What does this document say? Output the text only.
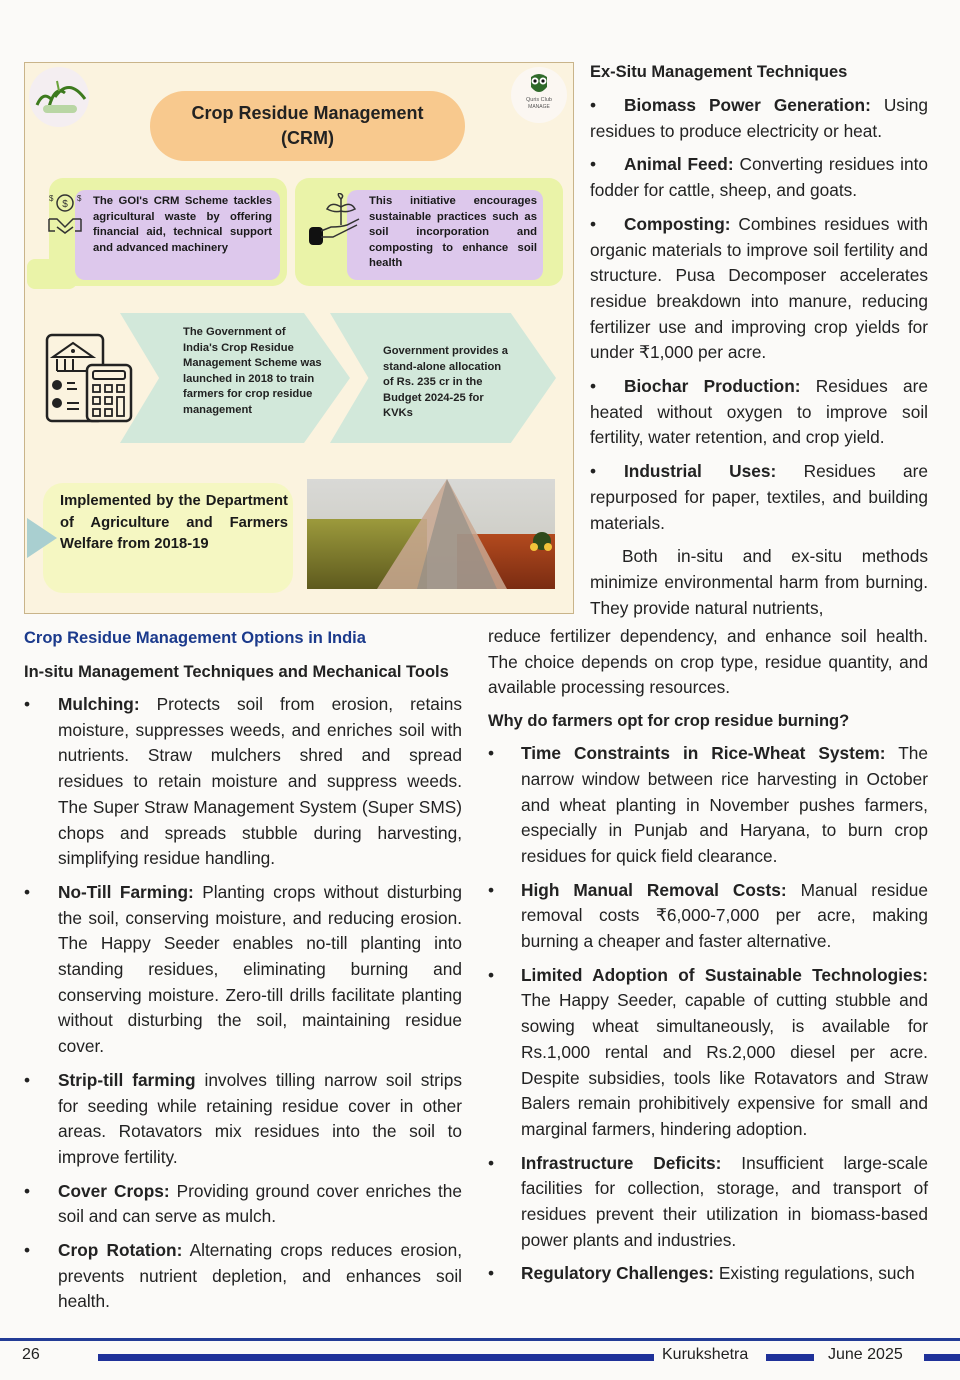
Quris Club
MANAGE
Crop Residue Management (CRM)
The GOI's CRM Scheme tackles agricultural waste by offering financial aid, technical support and advanced machinery
$
$	$	This initiative encourages sustainable practices such as soil incorporation and composting to enhance soil health
The Government of India's Crop Residue Management Scheme was launched in 2018 to train farmers for crop residue management
Government provides a stand-alone allocation of Rs. 235 cr in the Budget 2024-25 for KVKs
Implemented by the Department of Agriculture and Farmers Welfare from 2018-19
Crop Residue Management Options in India
In-situ Management Techniques and Mechanical Tools
• Mulching: Protects soil from erosion, retains moisture, suppresses weeds, and enriches soil with nutrients. Straw mulchers shred and spread residues to retain moisture and suppress weeds. The Super Straw Management System (Super SMS) chops and spreads stubble during harvesting, simplifying residue handling.
• No-Till Farming: Planting crops without disturbing the soil, conserving moisture, and reducing erosion. The Happy Seeder enables no-till planting into standing residues, eliminating burning and conserving moisture. Zero-till drills facilitate planting without disturbing the soil, maintaining residue cover.
• Strip-till farming involves tilling narrow soil strips for seeding while retaining residue cover in other areas. Rotavators mix residues into the soil to improve fertility.
• Cover Crops: Providing ground cover enriches the soil and can serve as mulch.
• Crop Rotation: Alternating crops reduces erosion, prevents nutrient depletion, and enhances soil health.
Ex-Situ Management Techniques
• Biomass Power Generation: Using residues to produce electricity or heat.
• Animal Feed: Converting residues into fodder for cattle, sheep, and goats.
• Composting: Combines residues with organic materials to improve soil fertility and structure. Pusa Decomposer accelerates residue breakdown into manure, reducing fertilizer use and improving crop yields for under ₹1,000 per acre.
• Biochar Production: Residues are heated without oxygen to improve soil fertility, water retention, and crop yield.
• Industrial Uses: Residues are repurposed for paper, textiles, and building materials.
Both in-situ and ex-situ methods minimize environmental harm from burning. They provide natural nutrients,
reduce fertilizer dependency, and enhance soil health. The choice depends on crop type, residue quantity, and available processing resources.
Why do farmers opt for crop residue burning?
• Time Constraints in Rice-Wheat System: The narrow window between rice harvesting in October and wheat planting in November pushes farmers, especially in Punjab and Haryana, to burn crop residues for quick field clearance.
• High Manual Removal Costs: Manual residue removal costs ₹6,000-7,000 per acre, making burning a cheaper and faster alternative.
• Limited Adoption of Sustainable Technologies: The Happy Seeder, capable of cutting stubble and sowing wheat simultaneously, is available for Rs.1,000 rental and Rs.2,000 diesel per acre. Despite subsidies, tools like Rotavators and Straw Balers remain prohibitively expensive for small and marginal farmers, hindering adoption.
• Infrastructure Deficits: Insufficient large-scale facilities for collection, storage, and transport of residues prevent their utilization in biomass-based power plants and industries.
• Regulatory Challenges: Existing regulations, such
26	Kurukshetra	June 2025
